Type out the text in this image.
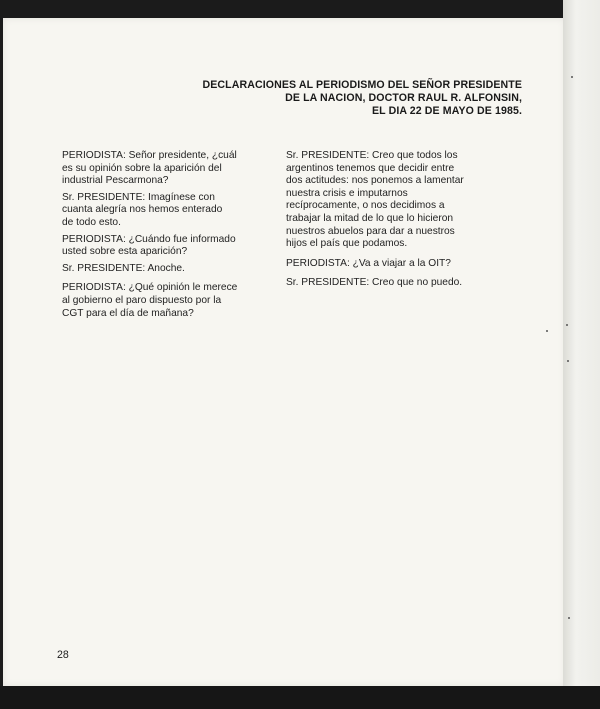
DECLARACIONES AL PERIODISMO DEL SEÑOR PRESIDENTE
DE LA NACION, DOCTOR RAUL R. ALFONSIN,
EL DIA 22 DE MAYO DE 1985.

PERIODISTA: Señor presidente, ¿cuál
es su opinión sobre la aparición del
industrial Pescarmona?

Sr. PRESIDENTE: Imagínese con
cuanta alegría nos hemos enterado
de todo esto.

PERIODISTA: ¿Cuándo fue informado
usted sobre esta aparición?

Sr. PRESIDENTE: Anoche.

PERIODISTA: ¿Qué opinión le merece
al gobierno el paro dispuesto por la
CGT para el día de mañana?

Sr. PRESIDENTE: Creo que todos los
argentinos tenemos que decidir entre
dos actitudes: nos ponemos a lamentar
nuestra crisis e imputarnos
recíprocamente, o nos decidimos a
trabajar la mitad de lo que lo hicieron
nuestros abuelos para dar a nuestros
hijos el país que podamos.

PERIODISTA: ¿Va a viajar a la OIT?

Sr. PRESIDENTE: Creo que no puedo.

28
